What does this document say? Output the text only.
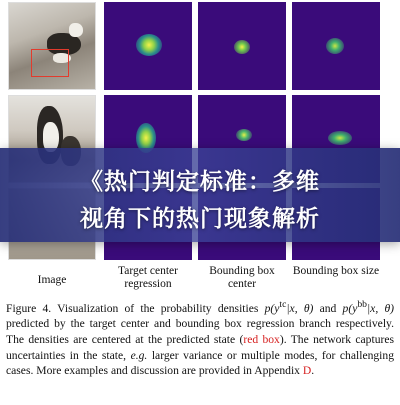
Image
Target center regression
Bounding box center
Bounding box size
Figure 4. Visualization of the probability densities $p(y^{tc}|x$, θ) and $p(y^{bb}|x$, θ) predicted by the target center and bounding box regression branch respectively. The densities are centered at the predicted state (red box). The network captures uncertainties in the state, e.g. larger variance or multiple modes, for challenging cases. More examples and discussion are provided in Appendix D.
《热门判定标准：多维
视角下的热门现象解析
